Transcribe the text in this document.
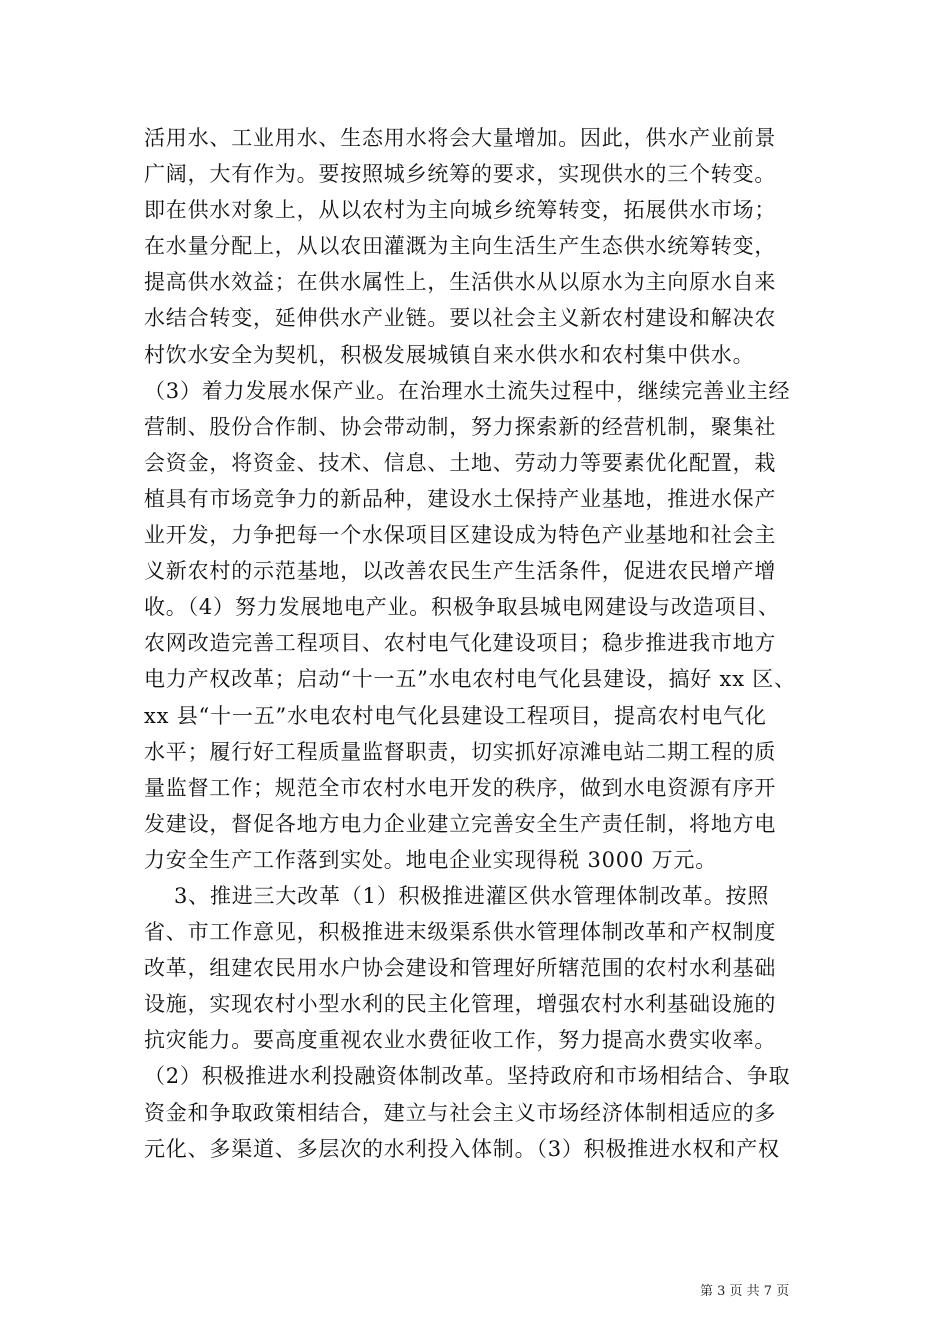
活用水、工业用水、生态用水将会大量增加。因此，供水产业前景
广阔，大有作为。要按照城乡统筹的要求，实现供水的三个转变。
即在供水对象上，从以农村为主向城乡统筹转变，拓展供水市场；
在水量分配上，从以农田灌溉为主向生活生产生态供水统筹转变，
提高供水效益；在供水属性上，生活供水从以原水为主向原水自来
水结合转变，延伸供水产业链。要以社会主义新农村建设和解决农
村饮水安全为契机，积极发展城镇自来水供水和农村集中供水。
（3）着力发展水保产业。在治理水土流失过程中，继续完善业主经
营制、股份合作制、协会带动制，努力探索新的经营机制，聚集社
会资金，将资金、技术、信息、土地、劳动力等要素优化配置，栽
植具有市场竞争力的新品种，建设水土保持产业基地，推进水保产
业开发，力争把每一个水保项目区建设成为特色产业基地和社会主
义新农村的示范基地，以改善农民生产生活条件，促进农民增产增
收。（4）努力发展地电产业。积极争取县城电网建设与改造项目、
农网改造完善工程项目、农村电气化建设项目；稳步推进我市地方
电力产权改革；启动“十一五”水电农村电气化县建设，搞好 xx 区、
xx 县“十一五”水电农村电气化县建设工程项目，提高农村电气化
水平；履行好工程质量监督职责，切实抓好凉滩电站二期工程的质
量监督工作；规范全市农村水电开发的秩序，做到水电资源有序开
发建设，督促各地方电力企业建立完善安全生产责任制，将地方电
力安全生产工作落到实处。地电企业实现得税 3000 万元。
3、推进三大改革（1）积极推进灌区供水管理体制改革。按照
省、市工作意见，积极推进末级渠系供水管理体制改革和产权制度
改革，组建农民用水户协会建设和管理好所辖范围的农村水利基础
设施，实现农村小型水利的民主化管理，增强农村水利基础设施的
抗灾能力。要高度重视农业水费征收工作，努力提高水费实收率。
（2）积极推进水利投融资体制改革。坚持政府和市场相结合、争取
资金和争取政策相结合，建立与社会主义市场经济体制相适应的多
元化、多渠道、多层次的水利投入体制。（3）积极推进水权和产权
第 3 页 共 7 页
